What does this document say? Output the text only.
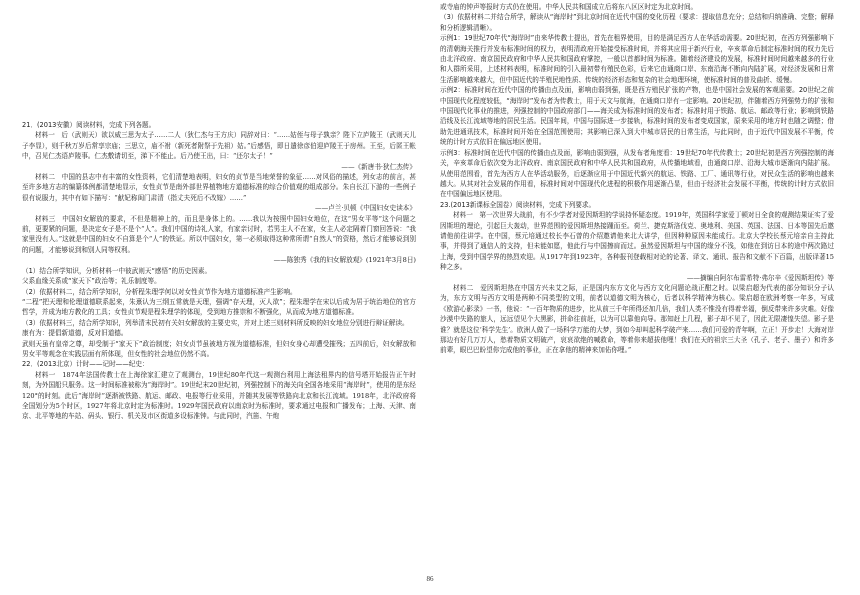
21．(2013安徽）阅读材料，完成下列各题。

材料一　后（武则天）欲以威三思为太子……二人（狄仁杰与王方庆）同辞对曰：“……姑侄与母子孰亲？陛下立庐陵王（武则天儿子李显），则千秋万岁后常享宗庙；三思立，庙不祔（新死者附祭于先祖）姑。”后感悟，即日遣徐彦伯迎庐陵王于房州。王至，后匿王帐中，召见仁杰语庐陵事。仁杰敷请切至，涕下不能止。后乃使王出，曰：“还尔太子！”

——《新唐书·狄仁杰传》

材料二　中国的县志中有丰富的女性资料，它们清楚地表明，妇女的贞节是当地荣誉的象征……对风俗的描述，列女志的前言，甚至许多地方志的编纂体例都清楚地显示，女性贞节是南外部世界植物地方道德标准的综合价值观的组成部分。朱自长江下游的一些例子很有说服力，其中有如下描写：“献妃称闺门肃清（指丈夫死后不改嫁）……”

——卢兰·贝顿《中国妇女史读本》

材料三　中国妇女解放的要求，不但是精神上的，而且是身体上的。……我以为按照中国妇女地位，在这“男女平等”这个问题之前，更要紧的问题，是决定女子是不是个“人”。我们中国的诗礼人家，有家亲讨时，若男主人不在家，女主人必定隔着门窗回答说：“我家里没有人。”这就是中国的妇女不自算是个“人”的铁证。所以中国妇女，第一必须取得这种常所谓“自然人”的资格，然后才能够说到别的问题，才能够说到和别人同等权利。

——陈独秀《我的妇女解放观》(1921年3月8日)

（1）结合所学知识，分析材料一中彼武则天“感悟”的历史因素。

父系血缘关系或“家天下”政治等；礼乐制度等。

（2）依据材料二，结合所学知识，分析程朱理学何以对女性贞节作为地方道德标准产生影响。

“二程”把天理和伦理道德联系起来，朱熹认为三纲五常就是天理，强调“存天理，灭人欲”；程朱理学在宋以后成为居于统治地位的官方哲学，并成为地方教化的工具；女性贞节观是程朱理学的体现，受到地方推崇和不断强化，从而成为地方道德标准。

（3）依据材料三，结合所学知识，列举清末民初有关妇女解放的主要史实，并对上述三则材料所反映的妇女地位分别进行辩证解读。

康有为：提倡新道德，反对旧道德。

武则天虽有皇帝之尊，却受制于“家天下”政治制度；妇女贞节虽被地方视为道德标准，但妇女身心却遭受摧残；五四前后，妇女解放和男女平等观念在实践层面有所体现，但女性的社会地位仍然不高。

22．(2013北京）计时——记时——纪史：

材料一　1874年法国传教士在上海徐家汇建立了观测台，19世纪80年代这一观测台利用上海法租界内的信号塔开始报告正午时刻，为外国船只服务。这一时间标准被称为“海岸时”。19世纪末20世纪初，列强控制下的海关向全国各地采用“海岸时”，使用的是东经120°的时刻。此后“海岸时”逐渐被铁路、航运、邮政、电报等行业采用，并随其发展等铁路向北京和长江流域。1918年，北洋政府将全国划分为5个时区，1927年将北京时定为标准时。1929年国民政府以南京时为标准时，要求通过电报和广播发布；上海、天津、南京、北平等地的车站、码头、银行、机关及市区街道多设标准钟。与此同时，汽笛、午炮

或寺庙的钟声等报时方式仍在使用。中华人民共和国成立后将东八区区时定为北京时间。

（3）依据材料二并结合所学，解读从“海岸时”到北京时间在近代中国的变化历程（要求：提取信息充分；总结和归纳准确、完整；解释和分析逻辑清晰）。

示例1：19世纪70年代“海岸时”由来华传教士提出，首先在租界使用，目的是满足西方人在华活动需要。20世纪初，在西方列强影响下的清朝海关推行并发布标准时间的权力，表明清政府开始接受标准时间，并将其应用于新兴行业，辛亥革命后制定标准时间的权力先后由北洋政府、南京国民政府和中华人民共和国政府掌控，一般以首都时间为标准。随着经济建设的发展，标准时间时间越来越多的行业和人群所采用，上述材料表明，标准时间的引入最初带有殖民色彩，后来它由通商口岸、东南沿海不断向内陆扩展，对经济发展和日常生活影响越来越大，但中国近代的半殖民地性质、传统的经济形态和复杂的社会地理环境，使标准时间的普及曲折、缓慢。

示例2：标准时间在近代中国的传播由点及面，影响由弱到强，既是西方殖民扩张的产物，也是中国社会发展的客观需要。20世纪之前中国现代化程度较低，“海岸时”发布者为传教士，用于天文与航海，在通商口岸有一定影响。20世纪初，伴随着西方列强势力的扩张和中国现代化事业的推进，列强控制的中国政府部门——海关成为标准时间的发布者；标准时用于铁路、航运、邮政等行业；影响到铁路沿线及长江流域等地的居民生活。民国年间，中国与国际进一步接轨，标准时间的发布者变成国家，原来采用的地方时也随之调整；借助先进通讯技术，标准时间开始在全国范围使用；其影响已深入到大中城市居民的日常生活，与此同时，由于近代中国发展不平衡，传统的计时方式依旧在偏远地区使用。

示例3：标准时间在近代中国的传播由点及面，影响由弱到强，从发布者角度看：19世纪70年代传教士；20世纪初是西方列强控制的海关，辛亥革命后依次变为北洋政府、南京国民政府和中华人民共和国政府，从传播地域看，由通商口岸、沿海大城市逐渐向内陆扩展。从使用范围看，首先为西方人在华活动服务，后逐渐应用于中国近代新兴的航运、铁路、工厂、通讯等行业，对民众生活的影响也越来越大。从其对社会发展的作用看，标准时间对中国现代化进程的积极作用逐渐凸显，但由于经济社会发展不平衡，传统的计时方式依旧在中国偏远地区使用。

23.(2013新课标全国卷）阅读材料，完成下列要求。

材料一　第一次世界大战前，有不少学者对爱因斯坦的学说持怀疑态度。1919年，英国科学家爱丁顿对日全食的观测结果证实了爱因斯坦的理论，引起巨大轰动，世界范围的爱因斯坦热接踵而至。荷兰、捷克斯洛伐克、奥地利、美国、英国、法国、日本等国先后邀请他前往讲学。在中国，蔡元培通过校长李石曾的介绍邀请他来北大讲学，但因种种原因未能成行。北京大学校长蔡元培亲自主持此事，并得到了通信人的支持，但未能如愿，他此行与中国擦肩而过。虽然爱因斯坦与中国的缘分不浅，如他在到访日本的途中两次路过上海，受到中国学界的热烈欢迎。从1917年到1923年，各种报刊登载相对论的论著、译文、通讯、报告和文献不下百篇，出版译著15种之多。

——摘编自阿尔布雷希特·弗尔辛《爱因斯坦传》等

材料二　爱因斯坦热在中国方兴未艾之际，正是国内东方文化与西方文化问题论战正酣之时。以梁启超为代表的部分知识分子认为，东方文明与西方文明是两种不同类型的文明，前者以道德文明为核心，后者以科学精神为核心。梁启超在欧洲考察一年多，写成《欧游心影录》一书，他说：“一百年物质的进步，比从前三千年所得还加几倍，我们人类不惟没有得着幸福，倒反带来许多灾难。好像沙漠中失路的旅人，远远望见个大黑影，拼命往前赶，以为可以靠他向导。那知赶上几程，影子却不见了，因此无限凄惶失望。影子是谁？就是这位‘科学先生’。欧洲人做了一场科学万能的大梦，到如今却叫起科学破产来……我们可爱的青年啊，立正！开步走！大海对岸那边有好几万万人，愁着物质文明破产，哀哀欲绝的喊救命，等着你来超拔他哩！我们在天的祖宗三大圣（孔子、老子、墨子）和许多前辈，眼巴巴盼望你完成他的事业，正在拿他的精神来加佑你哩。”

86
